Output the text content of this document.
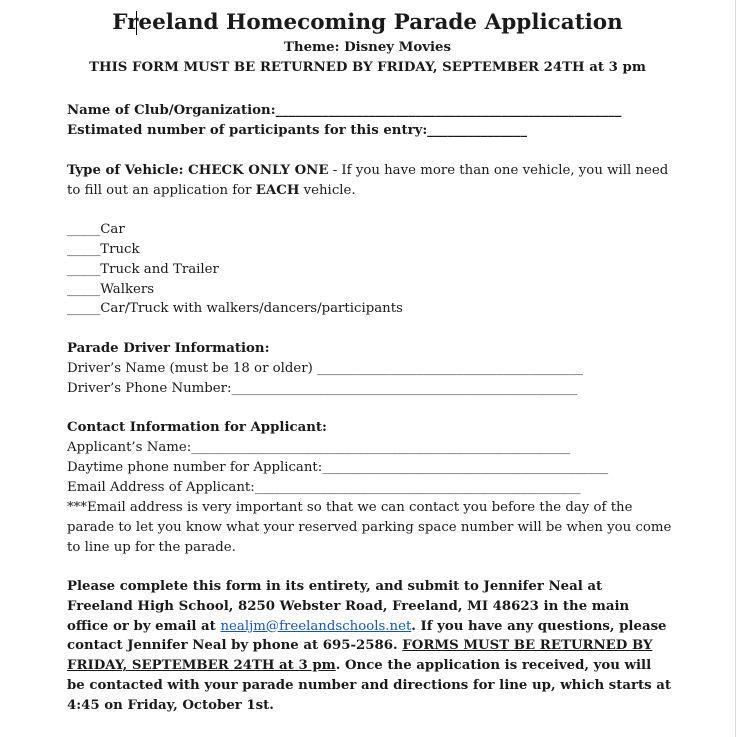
Freeland Homecoming Parade Application
Theme: Disney Movies
THIS FORM MUST BE RETURNED BY FRIDAY, SEPTEMBER 24TH at 3 pm
Name of Club/Organization:____________________________________________________
Estimated number of participants for this entry:_______________
Type of Vehicle: CHECK ONLY ONE - If you have more than one vehicle, you will need
to fill out an application for EACH vehicle.
_____Car
_____Truck
_____Truck and Trailer
_____Walkers
_____Car/Truck with walkers/dancers/participants
Parade Driver Information:
Driver’s Name (must be 18 or older) ________________________________________
Driver’s Phone Number:____________________________________________________
Contact Information for Applicant:
Applicant’s Name:_________________________________________________________
Daytime phone number for Applicant:___________________________________________
Email Address of Applicant:_________________________________________________
***Email address is very important so that we can contact you before the day of the parade to let you know what your reserved parking space number will be when you come to line up for the parade.
Please complete this form in its entirety, and submit to Jennifer Neal at Freeland High School, 8250 Webster Road, Freeland, MI 48623 in the main office or by email at nealjm@freelandschools.net. If you have any questions, please contact Jennifer Neal by phone at 695-2586. FORMS MUST BE RETURNED BY FRIDAY, SEPTEMBER 24TH at 3 pm. Once the application is received, you will be contacted with your parade number and directions for line up, which starts at 4:45 on Friday, October 1st.
